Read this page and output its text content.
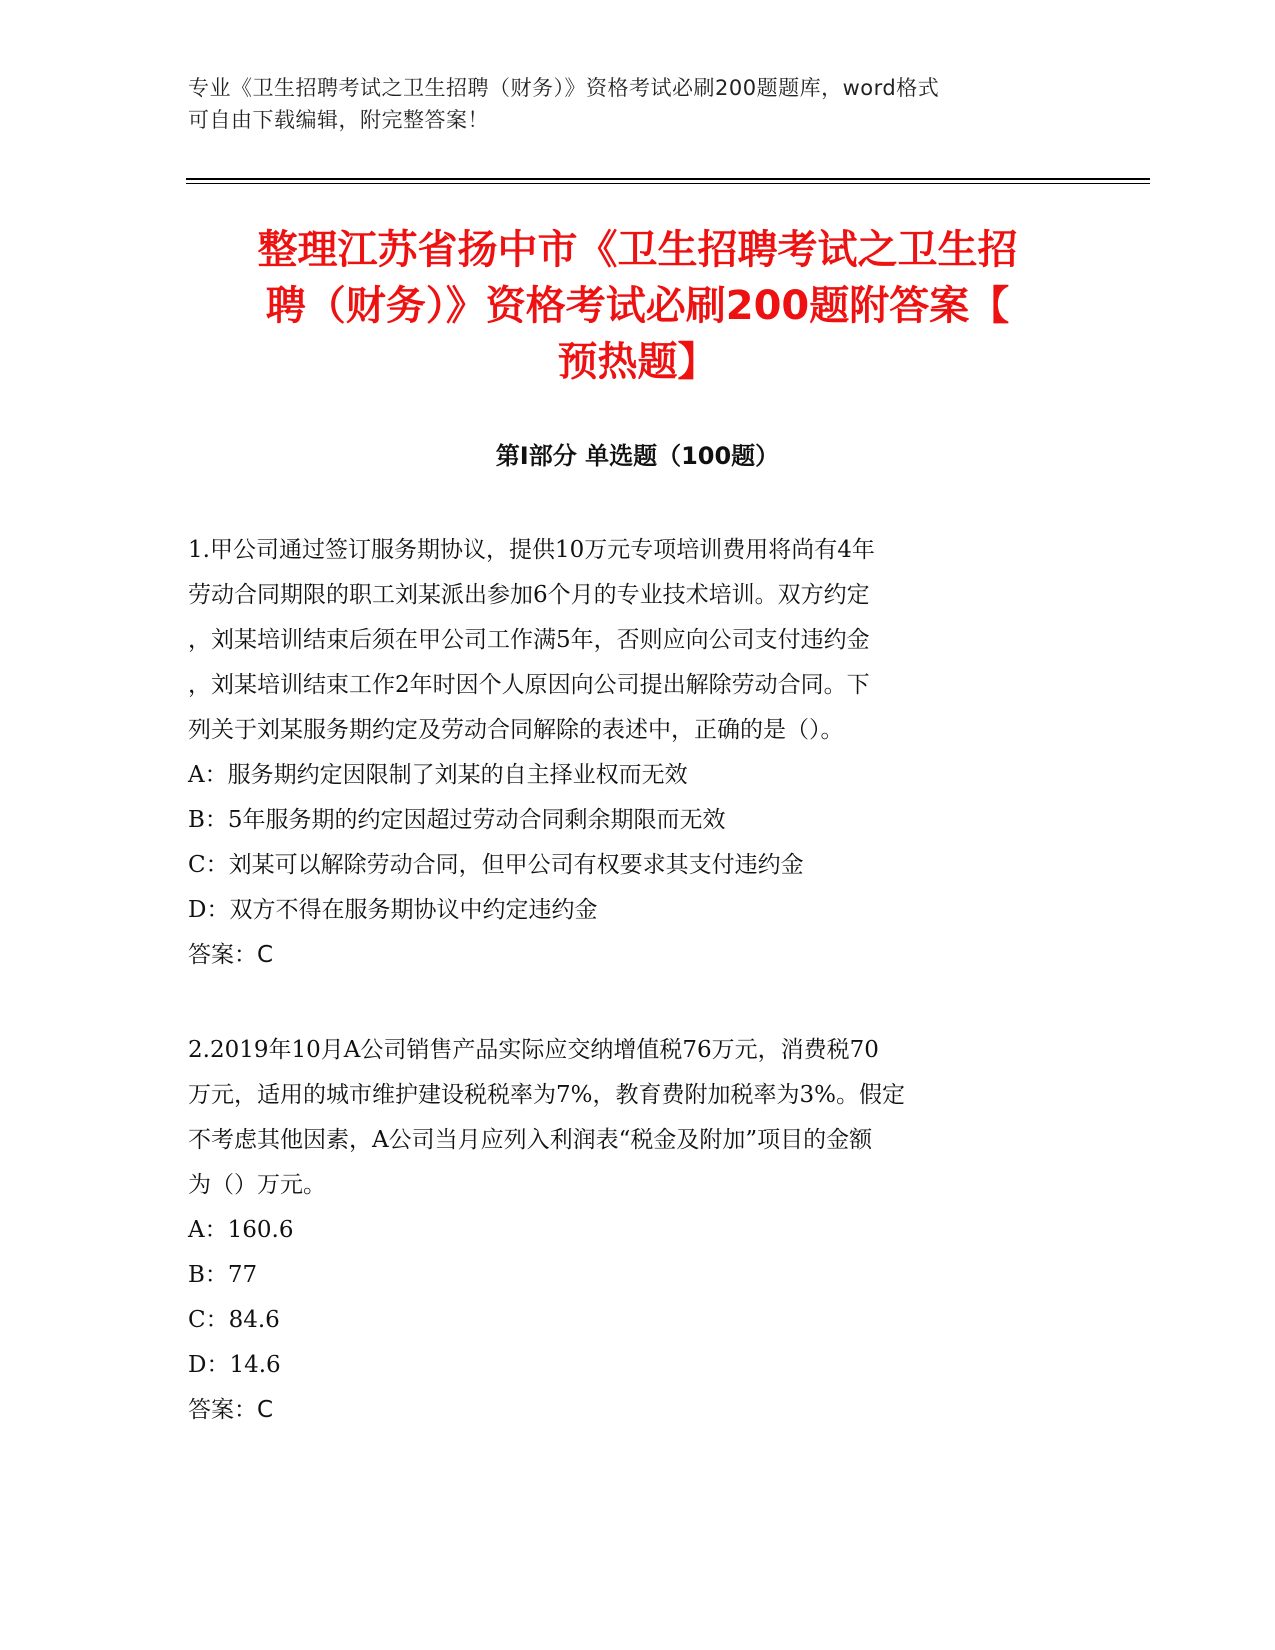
专业《卫生招聘考试之卫生招聘（财务）》资格考试必刷200题题库，word格式
可自由下载编辑，附完整答案！
整理江苏省扬中市《卫生招聘考试之卫生招
聘（财务）》资格考试必刷200题附答案【
预热题】
第Ⅰ部分 单选题（100题）
1.甲公司通过签订服务期协议，提供10万元专项培训费用将尚有4年
劳动合同期限的职工刘某派出参加6个月的专业技术培训。双方约定
，刘某培训结束后须在甲公司工作满5年，否则应向公司支付违约金
，刘某培训结束工作2年时因个人原因向公司提出解除劳动合同。下
列关于刘某服务期约定及劳动合同解除的表述中，正确的是（）。
A：服务期约定因限制了刘某的自主择业权而无效
B：5年服务期的约定因超过劳动合同剩余期限而无效
C：刘某可以解除劳动合同，但甲公司有权要求其支付违约金
D：双方不得在服务期协议中约定违约金
答案：C
2.2019年10月A公司销售产品实际应交纳增值税76万元，消费税70
万元，适用的城市维护建设税税率为7%，教育费附加税率为3%。假定
不考虑其他因素，A公司当月应列入利润表“税金及附加”项目的金额
为（）万元。
A：160.6
B：77
C：84.6
D：14.6
答案：C
